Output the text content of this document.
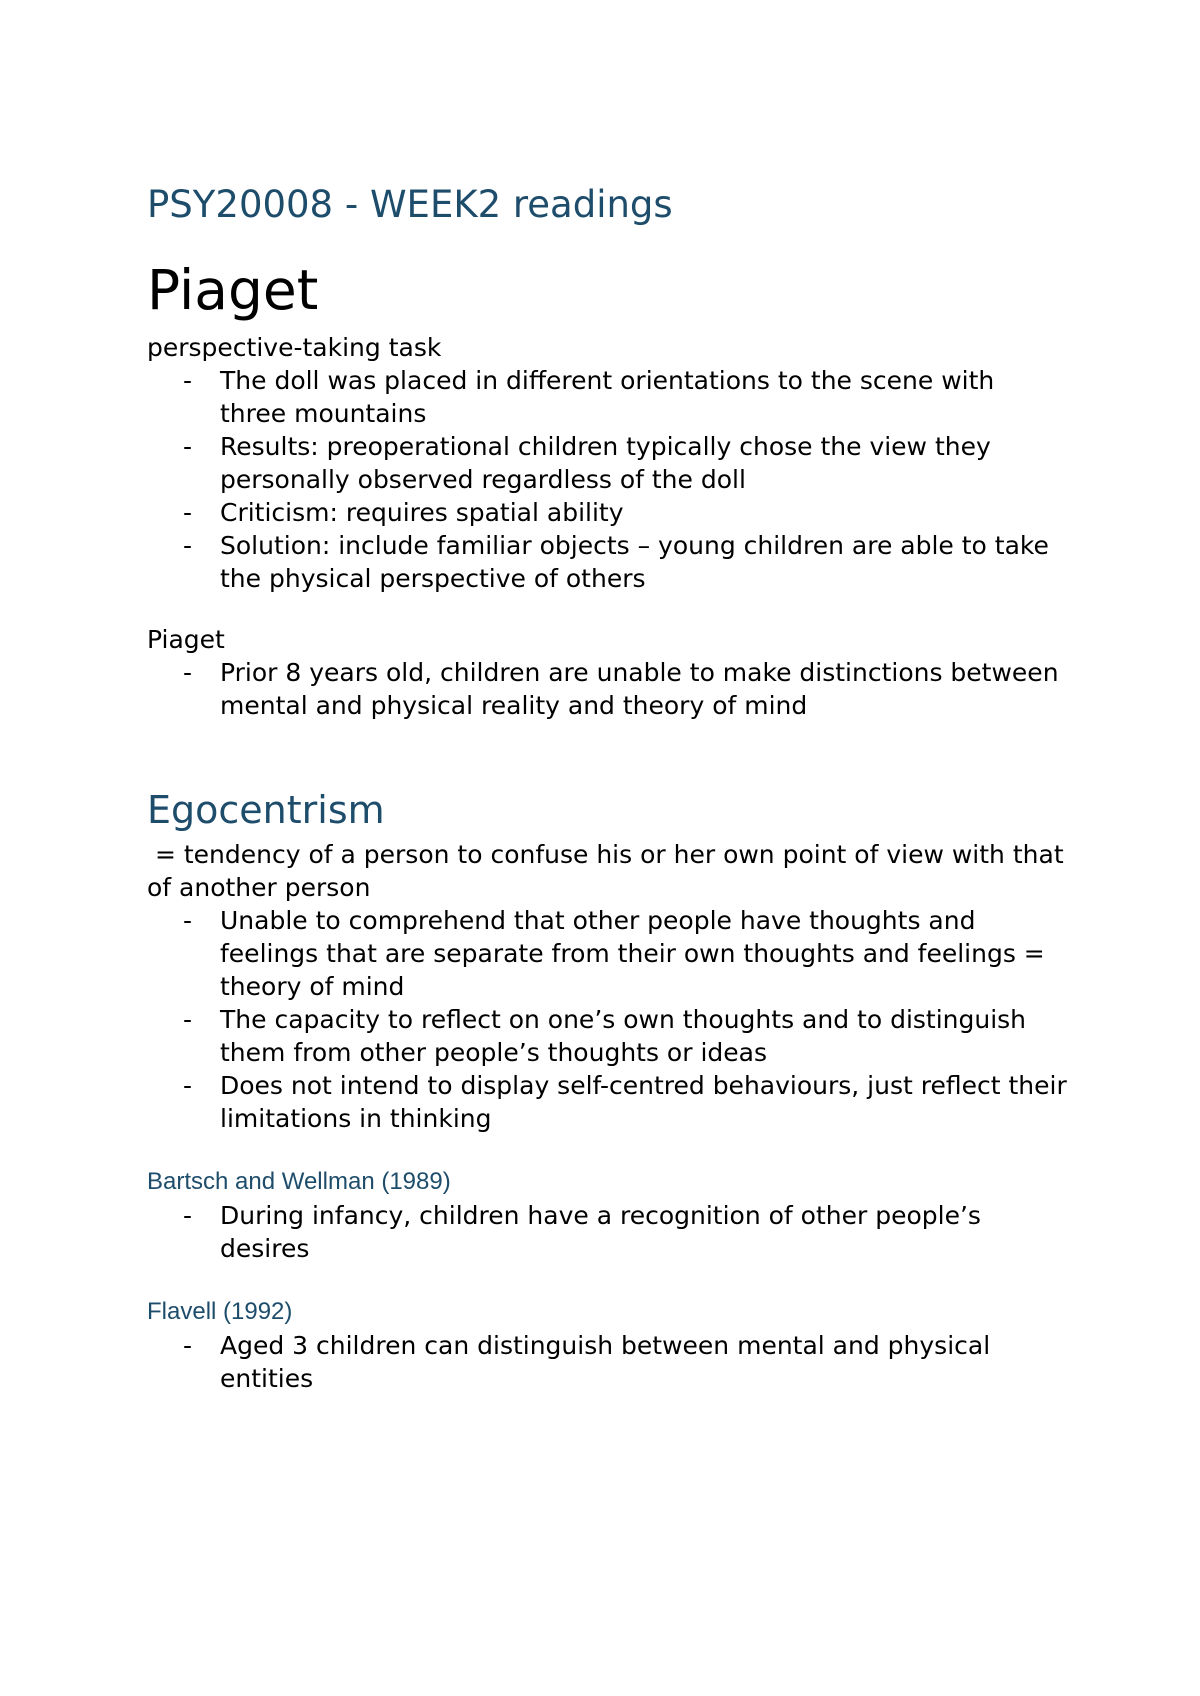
PSY20008 - WEEK2 readings
Piaget

perspective-taking task

- The doll was placed in different orientations to the scene with three mountains
- Results: preoperational children typically chose the view they personally observed regardless of the doll
- Criticism: requires spatial ability
- Solution: include familiar objects – young children are able to take the physical perspective of others

Piaget

- Prior 8 years old, children are unable to make distinctions between mental and physical reality and theory of mind
Egocentrism

= tendency of a person to confuse his or her own point of view with that of another person

- Unable to comprehend that other people have thoughts and feelings that are separate from their own thoughts and feelings = theory of mind
- The capacity to reflect on one’s own thoughts and to distinguish them from other people’s thoughts or ideas
- Does not intend to display self-centred behaviours, just reflect their limitations in thinking
Bartsch and Wellman (1989)
- During infancy, children have a recognition of other people’s desires
Flavell (1992)
- Aged 3 children can distinguish between mental and physical entities
